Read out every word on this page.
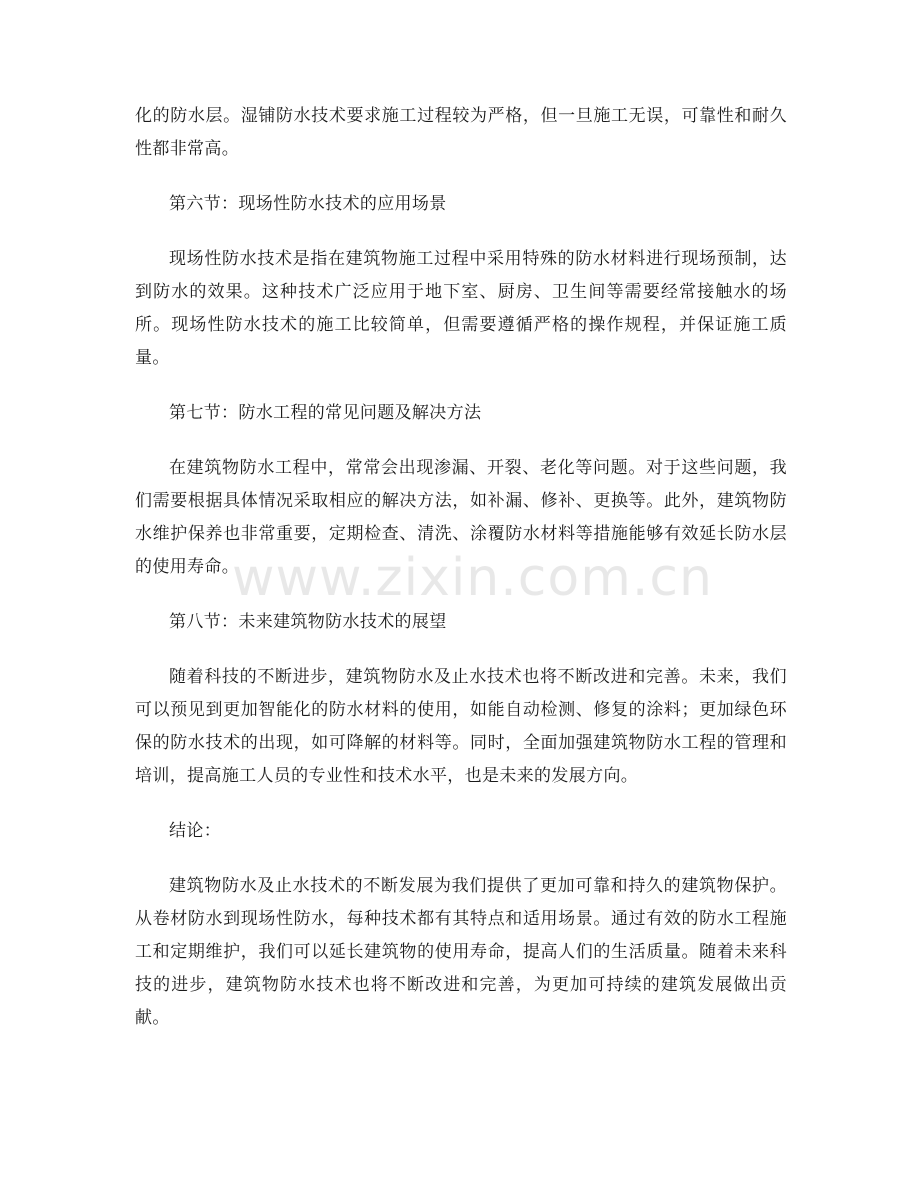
化的防水层。湿铺防水技术要求施工过程较为严格，但一旦施工无误，可靠性和耐久性都非常高。

第六节：现场性防水技术的应用场景

现场性防水技术是指在建筑物施工过程中采用特殊的防水材料进行现场预制，达到防水的效果。这种技术广泛应用于地下室、厨房、卫生间等需要经常接触水的场所。现场性防水技术的施工比较简单，但需要遵循严格的操作规程，并保证施工质量。

第七节：防水工程的常见问题及解决方法

在建筑物防水工程中，常常会出现渗漏、开裂、老化等问题。对于这些问题，我们需要根据具体情况采取相应的解决方法，如补漏、修补、更换等。此外，建筑物防水维护保养也非常重要，定期检查、清洗、涂覆防水材料等措施能够有效延长防水层的使用寿命。

第八节：未来建筑物防水技术的展望

随着科技的不断进步，建筑物防水及止水技术也将不断改进和完善。未来，我们可以预见到更加智能化的防水材料的使用，如能自动检测、修复的涂料；更加绿色环保的防水技术的出现，如可降解的材料等。同时，全面加强建筑物防水工程的管理和培训，提高施工人员的专业性和技术水平，也是未来的发展方向。

结论：

建筑物防水及止水技术的不断发展为我们提供了更加可靠和持久的建筑物保护。从卷材防水到现场性防水，每种技术都有其特点和适用场景。通过有效的防水工程施工和定期维护，我们可以延长建筑物的使用寿命，提高人们的生活质量。随着未来科技的进步，建筑物防水技术也将不断改进和完善，为更加可持续的建筑发展做出贡献。

www.zixin.com.cn
